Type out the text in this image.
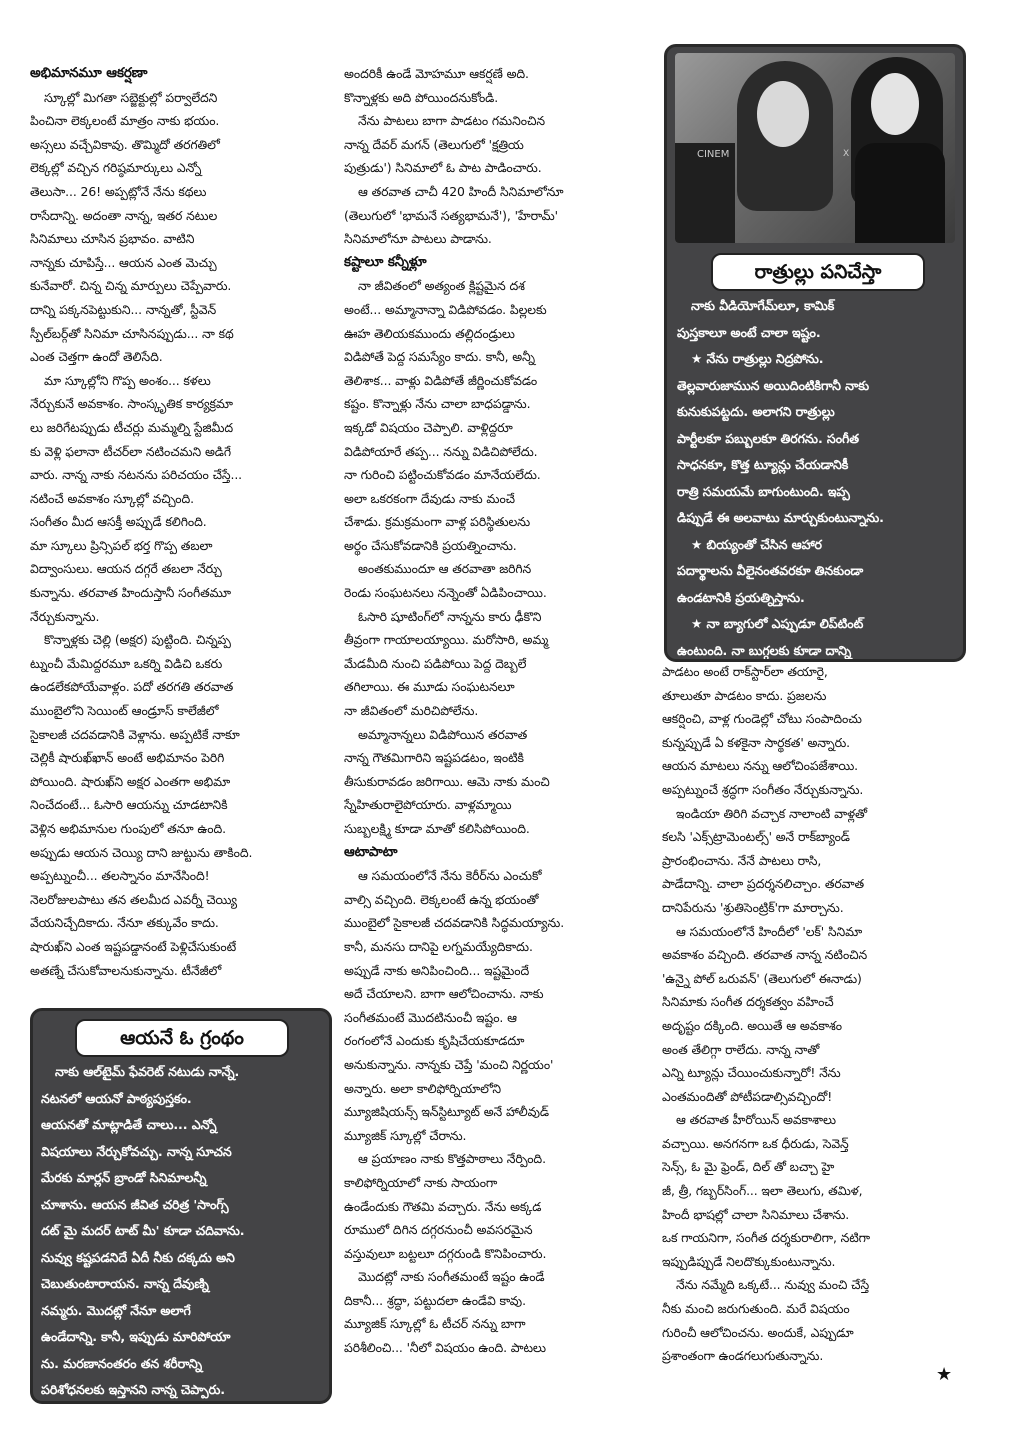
అభిమానమూ ఆకర్షణా
స్కూల్లో మిగతా సబ్జెక్టుల్లో పర్వాలేదని
పించినా లెక్కలంటే మాత్రం నాకు భయం.
అస్సలు వచ్చేవికావు. తొమ్మిదో తరగతిలో
లెక్కల్లో వచ్చిన గరిష్ఠమార్కులు ఎన్నో
తెలుసా... 26! అప్పట్లోనే నేను కథలు
రాసేదాన్ని. అదంతా నాన్న, ఇతర నటుల
సినిమాలు చూసిన ప్రభావం. వాటిని
నాన్నకు చూపిస్తే... ఆయన ఎంత మెచ్చు
కునేవారో. చిన్న చిన్న మార్పులు చెప్పేవారు.
దాన్ని పక్కనపెట్టుకుని... నాన్నతో, స్టీవెన్
స్పీల్‌బర్గ్‌తో సినిమా చూసినప్పుడు... నా కథ
ఎంత చెత్తగా ఉందో తెలిసేది.
మా స్కూల్లోని గొప్ప అంశం... కళలు
నేర్చుకునే అవకాశం. సాంస్కృతిక కార్యక్రమా
లు జరిగేటప్పుడు టీచర్లు మమ్మల్ని స్టేజిమీద
కు వెళ్లి ఫలానా టీచర్‌లా నటించమని అడిగే
వారు. నాన్న నాకు నటనను పరిచయం చేస్తే...
నటించే అవకాశం స్కూల్లో వచ్చింది.
సంగీతం మీద ఆసక్తీ అప్పుడే కలిగింది.
మా స్కూలు ప్రిన్సిపల్ భర్త గొప్ప తబలా
విద్వాంసులు. ఆయన దగ్గరే తబలా నేర్చు
కున్నాను. తరవాత హిందుస్తానీ సంగీతమూ
నేర్చుకున్నాను.
కొన్నాళ్లకు చెల్లి (అక్షర) పుట్టింది. చిన్నప్ప
ట్నుంచీ మేమిద్దరమూ ఒకర్ని విడిచి ఒకరు
ఉండలేకపోయేవాళ్లం. పదో తరగతి తరవాత
ముంబైలోని సెయింట్ ఆండ్రూస్ కాలేజీలో
సైకాలజీ చదవడానికి వెళ్లాను. అప్పటికే నాకూ
చెల్లికీ షారుఖ్‌ఖాన్ అంటే అభిమానం పెరిగి
పోయింది. షారుఖ్‌ని అక్షర ఎంతగా అభిమా
నించేదంటే... ఓసారి ఆయన్ను చూడటానికి
వెళ్లిన అభిమానుల గుంపులో తనూ ఉంది.
అప్పుడు ఆయన చెయ్యి దాని జుట్టును తాకింది.
అప్పట్నుంచీ... తలస్నానం మానేసింది!
నెలరోజులపాటు తన తలమీద ఎవర్నీ చెయ్యి
వేయనిచ్చేదికాదు. నేనూ తక్కువేం కాదు.
షారుఖ్‌ని ఎంత ఇష్టపడ్డానంటే పెళ్లిచేసుకుంటే
అతణ్నే చేసుకోవాలనుకున్నాను. టీనేజీలో
అందరికీ ఉండే మోహమూ ఆకర్షణే అది.
కొన్నాళ్లకు అది పోయిందనుకోండి.
నేను పాటలు బాగా పాడటం గమనించిన
నాన్న దేవర్ మగన్ (తెలుగులో 'క్షత్రియ
పుత్రుడు') సినిమాలో ఓ పాట పాడించారు.
ఆ తరవాత చాచీ 420 హిందీ సినిమాలోనూ
(తెలుగులో 'భామనే సత్యభామనే'), 'హేరామ్'
సినిమాలోనూ పాటలు పాడాను.
కష్టాలూ కన్నీళ్లూ
నా జీవితంలో అత్యంత క్లిష్టమైన దశ
అంటే... అమ్మానాన్నా విడిపోవడం. పిల్లలకు
ఊహ తెలియకముందు తల్లిదండ్రులు
విడిపోతే పెద్ద సమస్యేం కాదు. కానీ, అన్నీ
తెలిశాక... వాళ్లు విడిపోతే జీర్ణించుకోవడం
కష్టం. కొన్నాళ్లు నేను చాలా బాధపడ్డాను.
ఇక్కడో విషయం చెప్పాలి. వాళ్లిద్దరూ
విడిపోయారే తప్ప... నన్ను విడిచిపోలేదు.
నా గురించి పట్టించుకోవడం మానేయలేదు.
అలా ఒకరకంగా దేవుడు నాకు మంచే
చేశాడు. క్రమక్రమంగా వాళ్ల పరిస్థితులను
అర్థం చేసుకోవడానికి ప్రయత్నించాను.
అంతకుముందూ ఆ తరవాతా జరిగిన
రెండు సంఘటనలు నన్నెంతో ఏడిపించాయి.
ఓసారి షూటింగ్‌లో నాన్నను కారు ఢీకొని
తీవ్రంగా గాయాలయ్యాయి. మరోసారి, అమ్మ
మేడమీది నుంచి పడిపోయి పెద్ద దెబ్బలే
తగిలాయి. ఈ మూడు సంఘటనలూ
నా జీవితంలో మరిచిపోలేను.
అమ్మానాన్నలు విడిపోయిన తరవాత
నాన్న గౌతమిగారిని ఇష్టపడటం, ఇంటికి
తీసుకురావడం జరిగాయి. ఆమె నాకు మంచి
స్నేహితురాలైపోయారు. వాళ్లమ్మాయి
సుబ్బలక్ష్మి కూడా మాతో కలిసిపోయింది.
ఆటాపాటా
ఆ సమయంలోనే నేను కెరీర్‌ను ఎంచుకో
వాల్సి వచ్చింది. లెక్కలంటే ఉన్న భయంతో
ముంబైలో సైకాలజీ చదవడానికి సిద్ధమయ్యాను.
కానీ, మనసు దానిపై లగ్నమయ్యేదికాదు.
అప్పుడే నాకు అనిపించింది... ఇష్టమైందే
అదే చేయాలని. బాగా ఆలోచించాను. నాకు
సంగీతమంటే మొదటినుంచీ ఇష్టం. ఆ
రంగంలోనే ఎందుకు కృషిచేయకూడదూ
అనుకున్నాను. నాన్నకు చెప్తే 'మంచి నిర్ణయం'
అన్నారు. అలా కాలిఫోర్నియాలోని
మ్యూజిషియన్స్ ఇన్‌స్టిట్యూట్ అనే హాలీవుడ్
మ్యూజిక్ స్కూల్లో చేరాను.
ఆ ప్రయాణం నాకు కొత్తపాఠాలు నేర్పింది.
కాలిఫోర్నియాలో నాకు సాయంగా
ఉండేందుకు గౌతమి వచ్చారు. నేను అక్కడ
రూములో దిగిన దగ్గరనుంచీ అవసరమైన
వస్తువులూ బట్టలూ దగ్గరుండి కొనిపించారు.
మొదట్లో నాకు సంగీతమంటే ఇష్టం ఉండే
దికానీ... శ్రద్ధా, పట్టుదలా ఉండేవి కావు.
మ్యూజిక్ స్కూల్లో ఓ టీచర్ నన్ను బాగా
పరిశీలించి... 'నీలో విషయం ఉంది. పాటలు
పాడటం అంటే రాక్‌స్టార్‌లా తయారై,
తూలుతూ పాడటం కాదు. ప్రజలను
ఆకర్షించి, వాళ్ల గుండెల్లో చోటు సంపాదించు
కున్నప్పుడే ఏ కళకైనా సార్థకత' అన్నారు.
ఆయన మాటలు నన్ను ఆలోచింపజేశాయి.
అప్పట్నుంచే శ్రద్ధగా సంగీతం నేర్చుకున్నాను.
ఇండియా తిరిగి వచ్చాక నాలాంటి వాళ్లతో
కలసి 'ఎక్స్‌ట్రామెంటల్స్' అనే రాక్‌బ్యాండ్
ప్రారంభించాను. నేనే పాటలు రాసి,
పాడేదాన్ని. చాలా ప్రదర్శనలిచ్చాం. తరవాత
దానిపేరును 'శ్రుతిసెంట్రిక్'గా మార్చాను.
ఆ సమయంలోనే హిందీలో 'లక్' సినిమా
అవకాశం వచ్చింది. తరవాత నాన్న నటించిన
'ఉన్నై పోల్ ఒరువన్' (తెలుగులో ఈనాడు)
సినిమాకు సంగీత దర్శకత్వం వహించే
అదృష్టం దక్కింది. అయితే ఆ అవకాశం
అంత తేలిగ్గా రాలేదు. నాన్న నాతో
ఎన్ని ట్యూన్లు చేయించుకున్నారో! నేను
ఎంతమందితో పోటీపడాల్సివచ్చిందో!
ఆ తరవాత హీరోయిన్ అవకాశాలు
వచ్చాయి. అనగనగా ఒక ధీరుడు, సెవెన్త్
సెన్స్, ఓ మై ఫ్రెండ్, దిల్ తో బచ్చా హై
జీ, త్రీ, గబ్బర్‌సింగ్... ఇలా తెలుగు, తమిళ,
హిందీ భాషల్లో చాలా సినిమాలు చేశాను.
ఒక గాయనిగా, సంగీత దర్శకురాలిగా, నటిగా
ఇప్పుడిప్పుడే నిలదొక్కుకుంటున్నాను.
నేను నమ్మేది ఒక్కటే... నువ్వు మంచి చేస్తే
నీకు మంచి జరుగుతుంది. మరే విషయం
గురించీ ఆలోచించను. అందుకే, ఎప్పుడూ
ప్రశాంతంగా ఉండగలుగుతున్నాను.
CINEM	X
రాత్రుల్లు పనిచేస్తా
నాకు వీడియోగేమ్‌లూ, కామిక్
పుస్తకాలూ అంటే చాలా ఇష్టం.
★ నేను రాత్రుల్లు నిద్రపోను.
తెల్లవారుజామున అయిదింటికిగానీ నాకు
కునుకుపట్టదు. అలాగని రాత్రుల్లు
పార్టీలకూ పబ్బులకూ తిరగను. సంగీత
సాధనకూ, కొత్త ట్యూన్లు చేయడానికీ
రాత్రి సమయమే బాగుంటుంది. ఇప్ప
డిప్పుడే ఈ అలవాటు మార్చుకుంటున్నాను.
★ బియ్యంతో చేసిన ఆహార
పదార్థాలను వీలైనంతవరకూ తినకుండా
ఉండటానికి ప్రయత్నిస్తాను.
★ నా బ్యాగులో ఎప్పుడూ లిప్‌టింట్
ఉంటుంది. నా బుగ్గలకు కూడా దాన్ని
ఆయనే ఓ గ్రంథం
నాకు ఆల్‌టైమ్ ఫేవరెట్ నటుడు నాన్నే.
నటనలో ఆయనో పాఠ్యపుస్తకం.
ఆయనతో మాట్లాడితే చాలు... ఎన్నో
విషయాలు నేర్చుకోవచ్చు. నాన్న సూచన
మేరకు మార్లన్ బ్రాండో సినిమాలన్నీ
చూశాను. ఆయన జీవిత చరిత్ర 'సాంగ్స్
దట్ మై మదర్ టాట్ మీ' కూడా చదివాను.
నువ్వు కష్టపడనిదే ఏదీ నీకు దక్కదు అని
చెబుతుంటారాయన. నాన్న దేవుణ్ని
నమ్మరు. మొదట్లో నేనూ అలాగే
ఉండేదాన్ని. కానీ, ఇప్పుడు మారిపోయా
ను. మరణానంతరం తన శరీరాన్ని
పరిశోధనలకు ఇస్తానని నాన్న చెప్పారు.
★
